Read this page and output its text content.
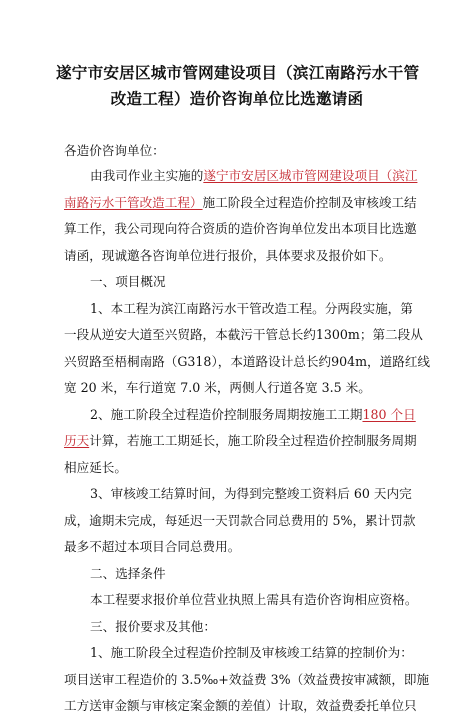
遂宁市安居区城市管网建设项目（滨江南路污水干管
改造工程）造价咨询单位比选邀请函
各造价咨询单位：
由我司作业主实施的遂宁市安居区城市管网建设项目（滨江
南路污水干管改造工程）施工阶段全过程造价控制及审核竣工结
算工作，我公司现向符合资质的造价咨询单位发出本项目比选邀
请函，现诚邀各咨询单位进行报价，具体要求及报价如下。
一、项目概况
1、本工程为滨江南路污水干管改造工程。分两段实施，第
一段从逆安大道至兴贸路，本截污干管总长约1300m；第二段从
兴贸路至梧桐南路（G318），本道路设计总长约904m，道路红线
宽 20 米，车行道宽 7.0 米，两侧人行道各宽 3.5 米。
2、施工阶段全过程造价控制服务周期按施工工期180 个日
历天计算，若施工工期延长，施工阶段全过程造价控制服务周期
相应延长。
3、审核竣工结算时间，为得到完整竣工资料后 60 天内完
成，逾期未完成，每延迟一天罚款合同总费用的 5%，累计罚款
最多不超过本项目合同总费用。
二、选择条件
本工程要求报价单位营业执照上需具有造价咨询相应资格。
三、报价要求及其他：
1、施工阶段全过程造价控制及审核竣工结算的控制价为：
项目送审工程造价的 3.5‰+效益费 3%（效益费按审减额，即施
工方送审金额与审核定案金额的差值）计取，效益费委托单位只
